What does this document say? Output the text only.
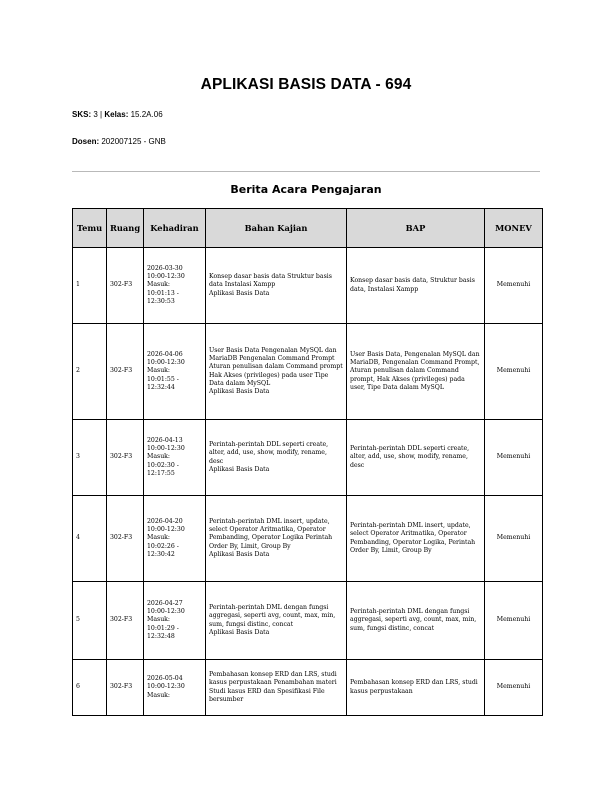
APLIKASI BASIS DATA - 694
SKS: 3 | Kelas: 15.2A.06
Dosen: 202007125 - GNB
Berita Acara Pengajaran
Temu	Ruang	Kehadiran	Bahan Kajian	BAP	MONEV
1	302-F3	2026-03-30
10:00-12:30
Masuk:
10:01:13 -
12:30:53	Konsep dasar basis data Struktur basis data Instalasi Xampp
Aplikasi Basis Data	Konsep dasar basis data, Struktur basis data, Instalasi Xampp	Memenuhi
2	302-F3	2026-04-06
10:00-12:30
Masuk:
10:01:55 -
12:32:44	User Basis Data Pengenalan MySQL dan MariaDB Pengenalan Command Prompt Aturan penulisan dalam Command prompt Hak Akses (privileges) pada user Tipe Data dalam MySQL
Aplikasi Basis Data	User Basis Data, Pengenalan MySQL dan MariaDB, Pengenalan Command Prompt, Aturan penulisan dalam Command prompt, Hak Akses (privileges) pada user, Tipe Data dalam MySQL	Memenuhi
3	302-F3	2026-04-13
10:00-12:30
Masuk:
10:02:30 -
12:17:55	Perintah-perintah DDL seperti create, alter, add, use, show, modify, rename, desc
Aplikasi Basis Data	Perintah-perintah DDL seperti create, alter, add, use, show, modify, rename, desc	Memenuhi
4	302-F3	2026-04-20
10:00-12:30
Masuk:
10:02:26 -
12:30:42	Perintah-perintah DML insert, update, select Operator Aritmatika, Operator Pembanding, Operator Logika Perintah Order By, Limit, Group By
Aplikasi Basis Data	Perintah-perintah DML insert, update, select Operator Aritmatika, Operator Pembanding, Operator Logika, Perintah Order By, Limit, Group By	Memenuhi
5	302-F3	2026-04-27
10:00-12:30
Masuk:
10:01:29 -
12:32:48	Perintah-perintah DML dengan fungsi aggregasi, seperti avg, count, max, min, sum, fungsi distinc, concat
Aplikasi Basis Data	Perintah-perintah DML dengan fungsi aggregasi, seperti avg, count, max, min, sum, fungsi distinc, concat	Memenuhi
6	302-F3	2026-05-04
10:00-12:30
Masuk:	Pembahasan konsep ERD dan LRS, studi kasus perpustakaan Penambahan materi Studi kasus ERD dan Spesifikasi File bersumber	Pembahasan konsep ERD dan LRS, studi kasus perpustakaan	Memenuhi
